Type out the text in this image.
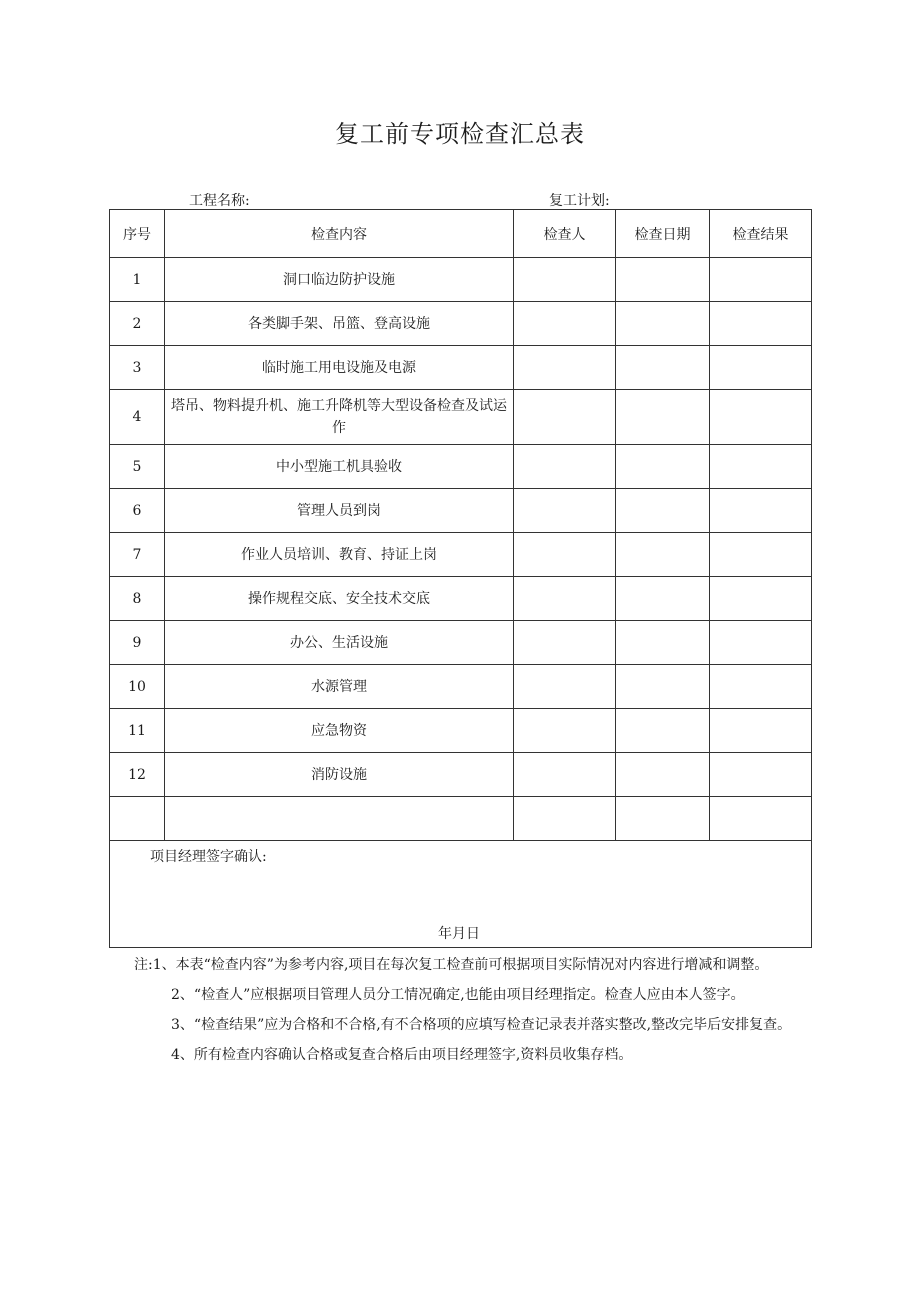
复工前专项检查汇总表
工程名称:	复工计划:
序号	检查内容	检查人	检查日期	检查结果
1	洞口临边防护设施			
2	各类脚手架、吊篮、登高设施			
3	临时施工用电设施及电源			
4	塔吊、物料提升机、施工升降机等大型设备检查及试运作			
5	中小型施工机具验收			
6	管理人员到岗			
7	作业人员培训、教育、持证上岗			
8	操作规程交底、安全技术交底			
9	办公、生活设施			
10	水源管理			
11	应急物资			
12	消防设施			

项目经理签字确认:
年月日				

注:1、本表“检查内容”为参考内容,项目在每次复工检查前可根据项目实际情况对内容进行增减和调整。

2、“检查人”应根据项目管理人员分工情况确定,也能由项目经理指定。检查人应由本人签字。

3、“检查结果”应为合格和不合格,有不合格项的应填写检查记录表并落实整改,整改完毕后安排复查。

4、所有检查内容确认合格或复查合格后由项目经理签字,资料员收集存档。
